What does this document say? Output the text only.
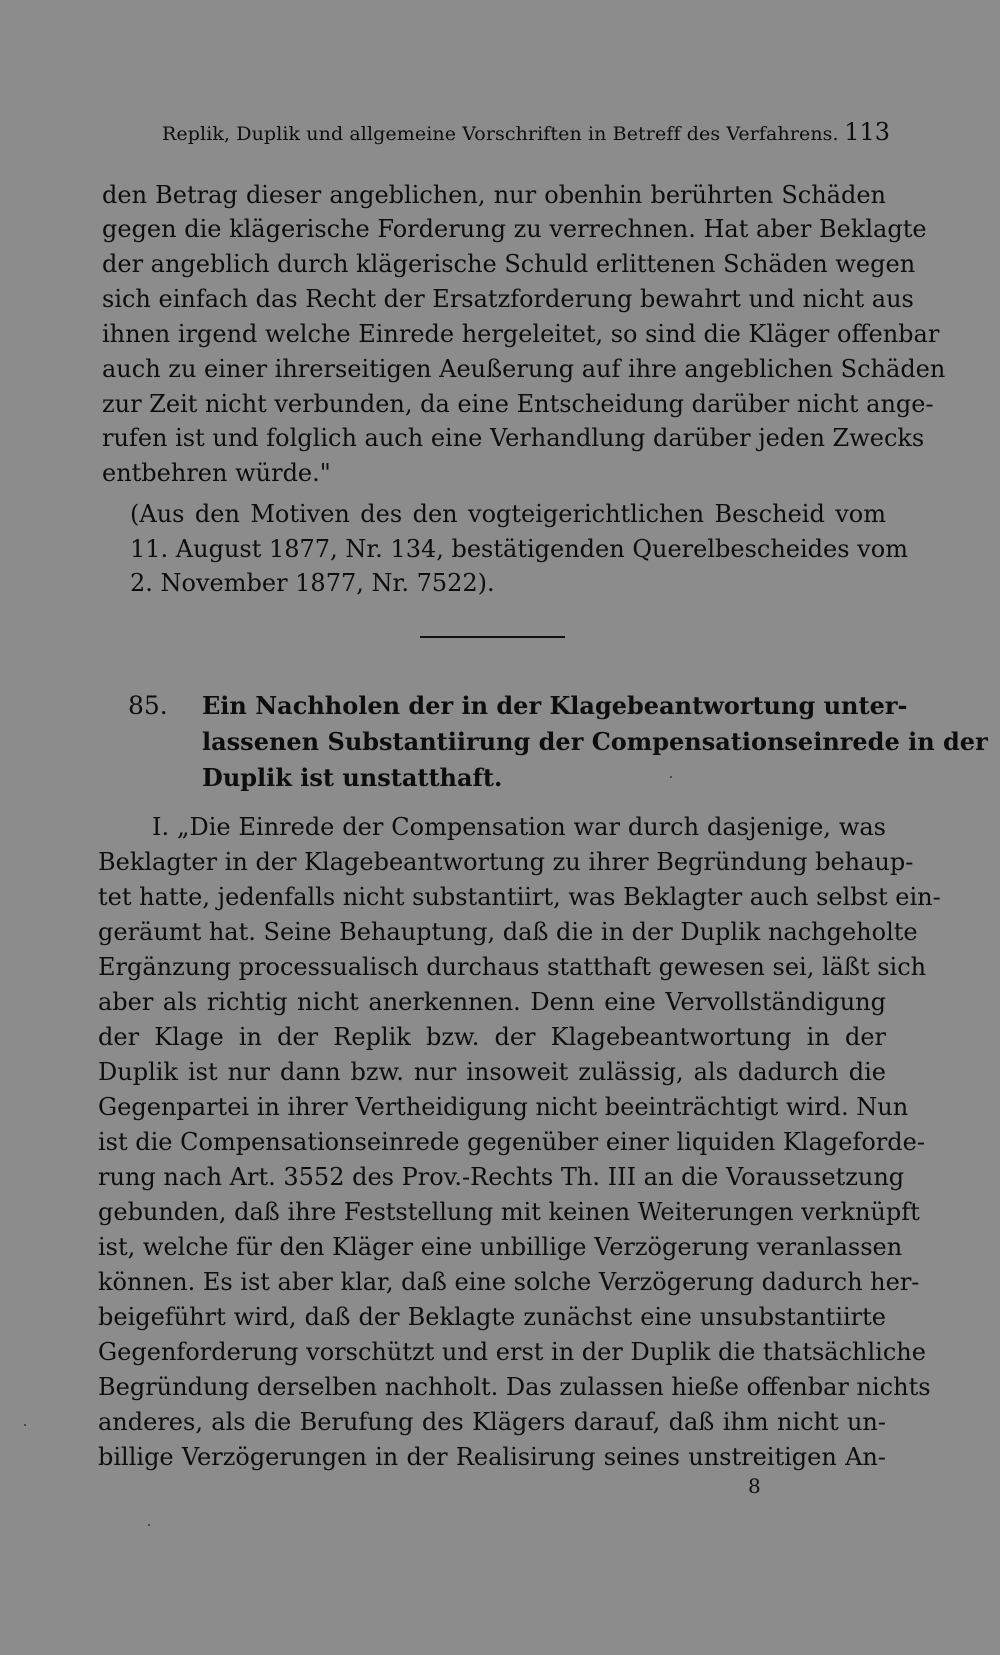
Replik, Duplik und allgemeine Vorschriften in Betreff des Verfahrens. 113
den Betrag dieser angeblichen, nur obenhin berührten Schäden
gegen die klägerische Forderung zu verrechnen. Hat aber Beklagte
der angeblich durch klägerische Schuld erlittenen Schäden wegen
sich einfach das Recht der Ersatzforderung bewahrt und nicht aus
ihnen irgend welche Einrede hergeleitet, so sind die Kläger offenbar
auch zu einer ihrerseitigen Aeußerung auf ihre angeblichen Schäden
zur Zeit nicht verbunden, da eine Entscheidung darüber nicht ange-
rufen ist und folglich auch eine Verhandlung darüber jeden Zwecks
entbehren würde."
(Aus den Motiven des den vogteigerichtlichen Bescheid vom
11. August 1877, Nr. 134, bestätigenden Querelbescheides vom
2. November 1877, Nr. 7522).
85. Ein Nachholen der in der Klagebeantwortung unter-
lassenen Substantiirung der Compensationseinrede in der
Duplik ist unstatthaft.
I. „Die Einrede der Compensation war durch dasjenige, was
Beklagter in der Klagebeantwortung zu ihrer Begründung behaup-
tet hatte, jedenfalls nicht substantiirt, was Beklagter auch selbst ein-
geräumt hat. Seine Behauptung, daß die in der Duplik nachgeholte
Ergänzung processualisch durchaus statthaft gewesen sei, läßt sich
aber als richtig nicht anerkennen. Denn eine Vervollständigung
der Klage in der Replik bzw. der Klagebeantwortung in der
Duplik ist nur dann bzw. nur insoweit zulässig, als dadurch die
Gegenpartei in ihrer Vertheidigung nicht beeinträchtigt wird. Nun
ist die Compensationseinrede gegenüber einer liquiden Klageforde-
rung nach Art. 3552 des Prov.-Rechts Th. III an die Voraussetzung
gebunden, daß ihre Feststellung mit keinen Weiterungen verknüpft
ist, welche für den Kläger eine unbillige Verzögerung veranlassen
können. Es ist aber klar, daß eine solche Verzögerung dadurch her-
beigeführt wird, daß der Beklagte zunächst eine unsubstantiirte
Gegenforderung vorschützt und erst in der Duplik die thatsächliche
Begründung derselben nachholt. Das zulassen hieße offenbar nichts
anderes, als die Berufung des Klägers darauf, daß ihm nicht un-
billige Verzögerungen in der Realisirung seines unstreitigen An-
8
